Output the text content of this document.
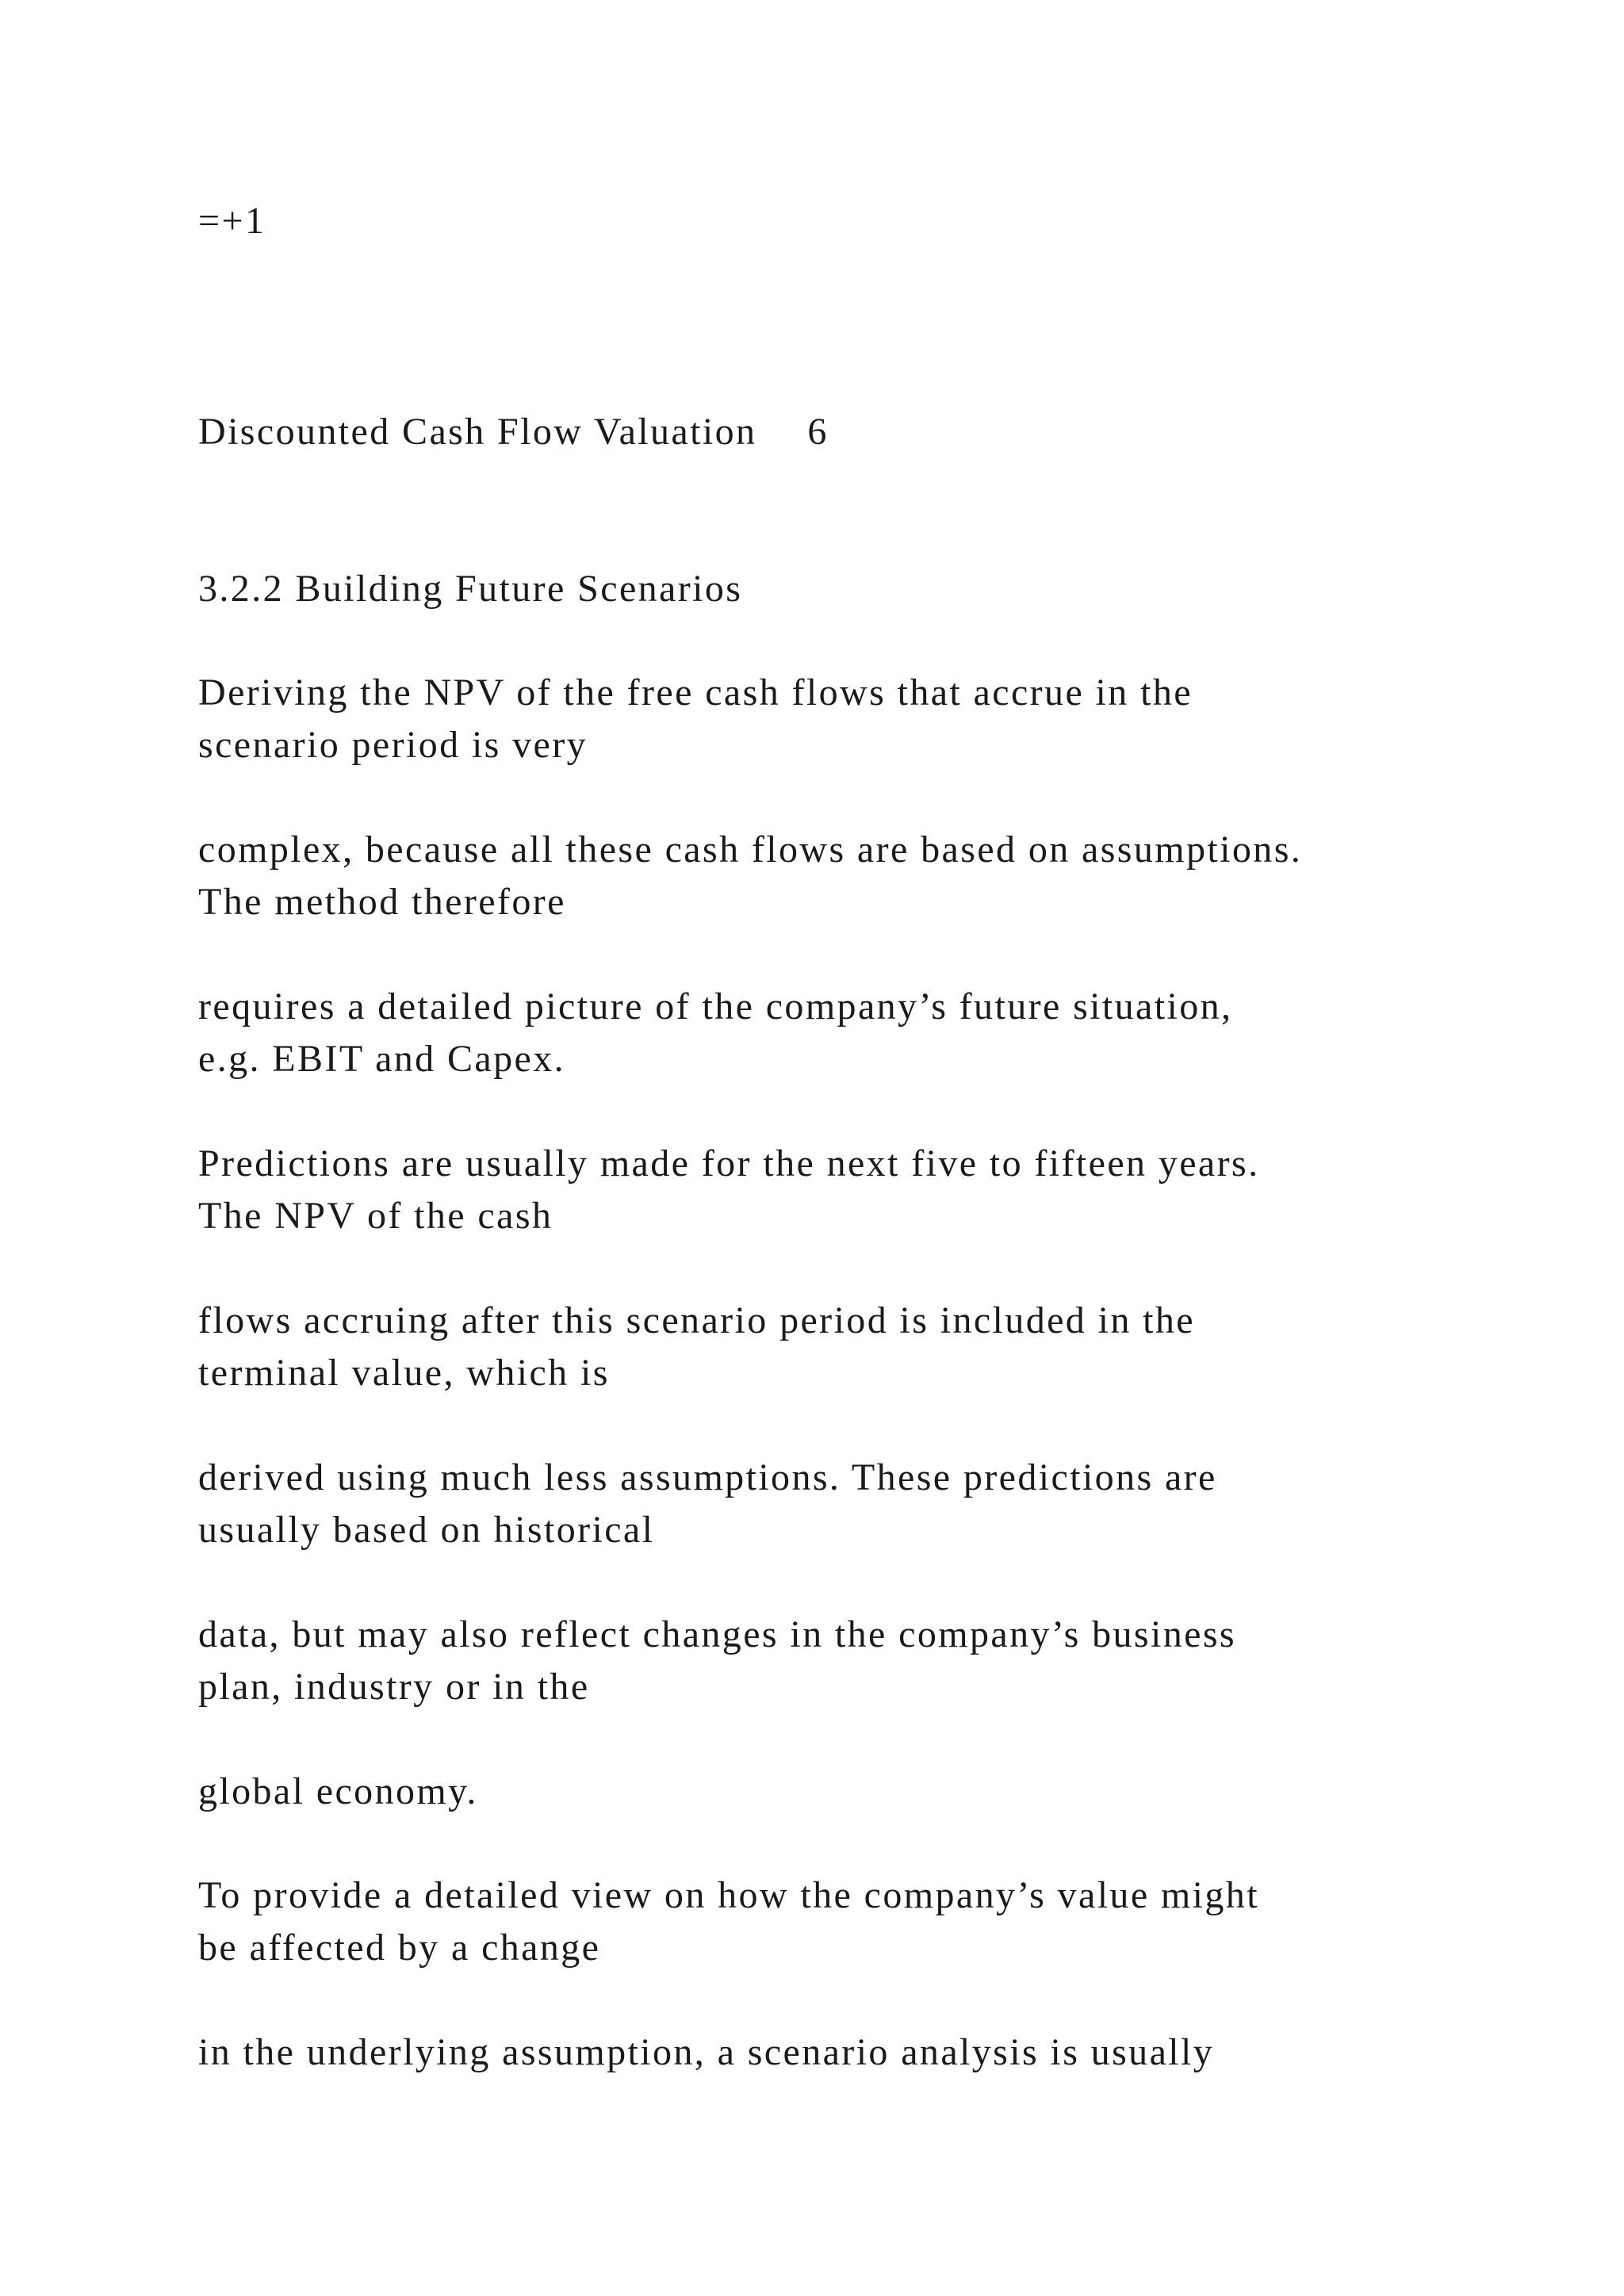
=+1

Discounted Cash Flow Valuation 6

3.2.2 Building Future Scenarios

Deriving the NPV of the free cash flows that accrue in the

scenario period is very

complex, because all these cash flows are based on assumptions.

The method therefore

requires a detailed picture of the company’s future situation,

e.g. EBIT and Capex.

Predictions are usually made for the next five to fifteen years.

The NPV of the cash

flows accruing after this scenario period is included in the

terminal value, which is

derived using much less assumptions. These predictions are

usually based on historical

data, but may also reflect changes in the company’s business

plan, industry or in the

global economy.

To provide a detailed view on how the company’s value might

be affected by a change

in the underlying assumption, a scenario analysis is usually
